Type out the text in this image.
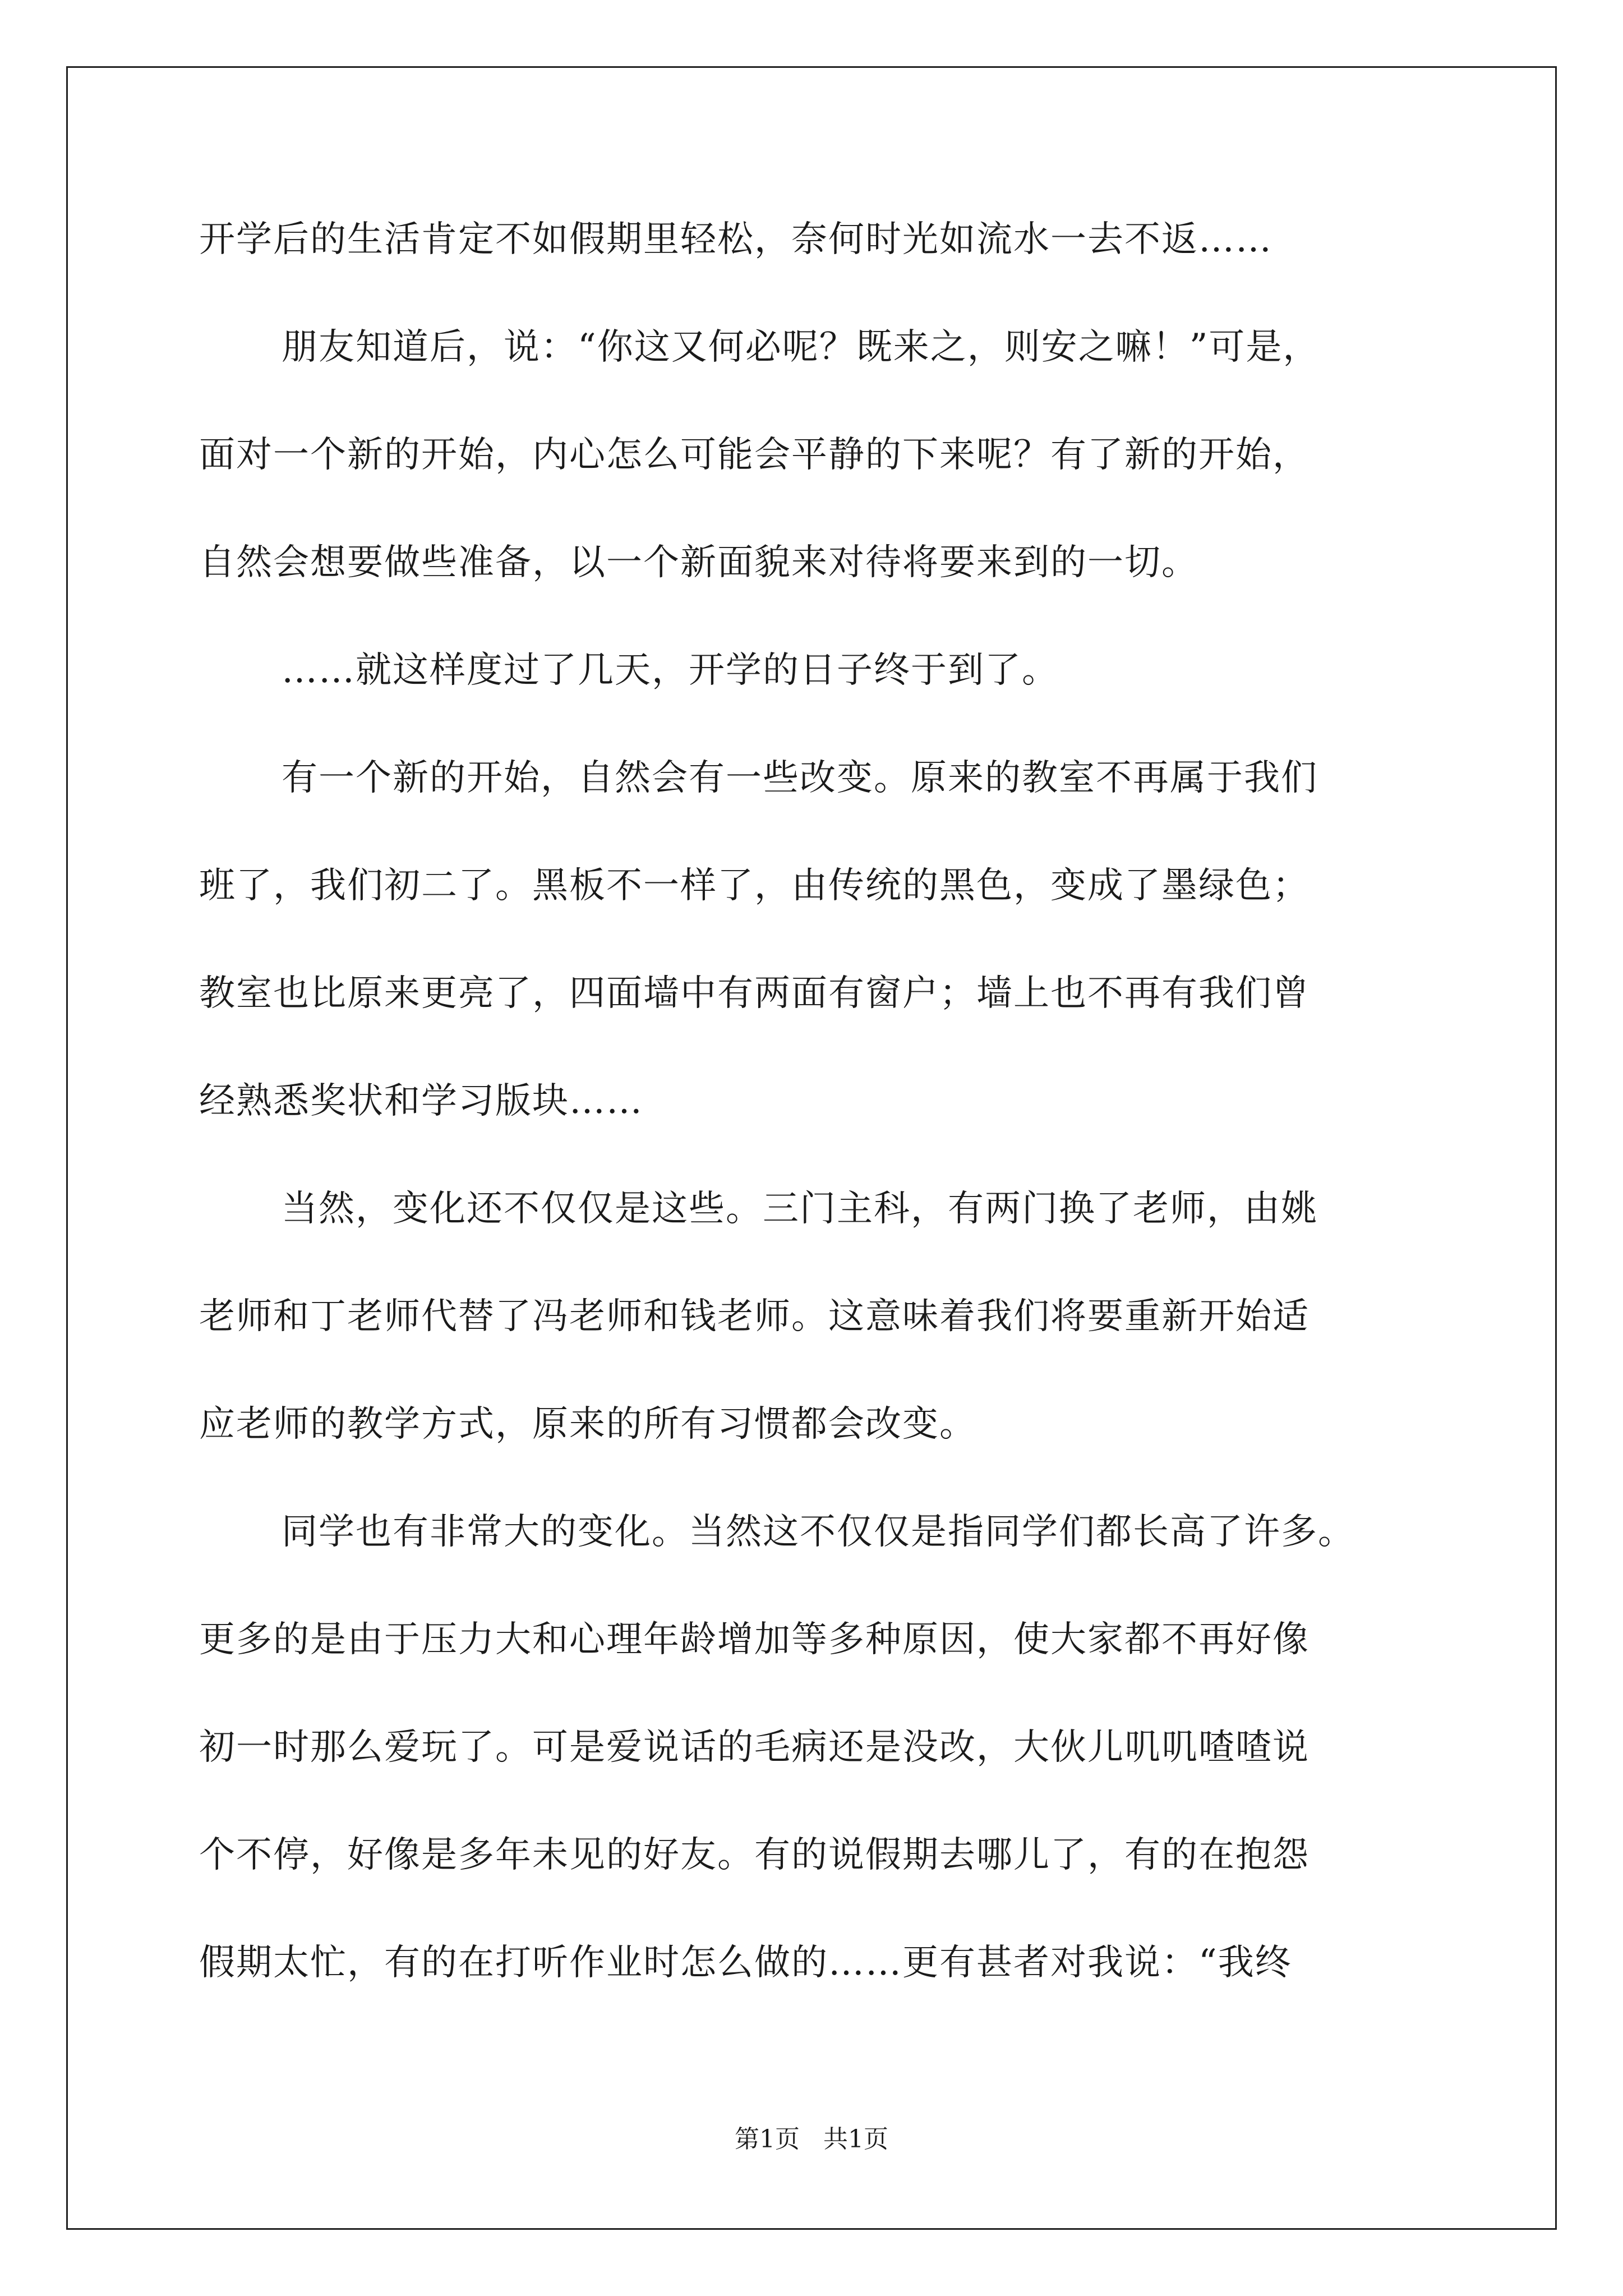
开学后的生活肯定不如假期里轻松，奈何时光如流水一去不返……
朋友知道后，说：“你这又何必呢？既来之，则安之嘛！”可是，
面对一个新的开始，内心怎么可能会平静的下来呢？有了新的开始，
自然会想要做些准备，以一个新面貌来对待将要来到的一切。
……就这样度过了几天，开学的日子终于到了。
有一个新的开始，自然会有一些改变。原来的教室不再属于我们
班了，我们初二了。黑板不一样了，由传统的黑色，变成了墨绿色；
教室也比原来更亮了，四面墙中有两面有窗户；墙上也不再有我们曾
经熟悉奖状和学习版块……
当然，变化还不仅仅是这些。三门主科，有两门换了老师，由姚
老师和丁老师代替了冯老师和钱老师。这意味着我们将要重新开始适
应老师的教学方式，原来的所有习惯都会改变。
同学也有非常大的变化。当然这不仅仅是指同学们都长高了许多。
更多的是由于压力大和心理年龄增加等多种原因，使大家都不再好像
初一时那么爱玩了。可是爱说话的毛病还是没改，大伙儿叽叽喳喳说
个不停，好像是多年未见的好友。有的说假期去哪儿了，有的在抱怨
假期太忙，有的在打听作业时怎么做的……更有甚者对我说：“我终
第1页   共1页
